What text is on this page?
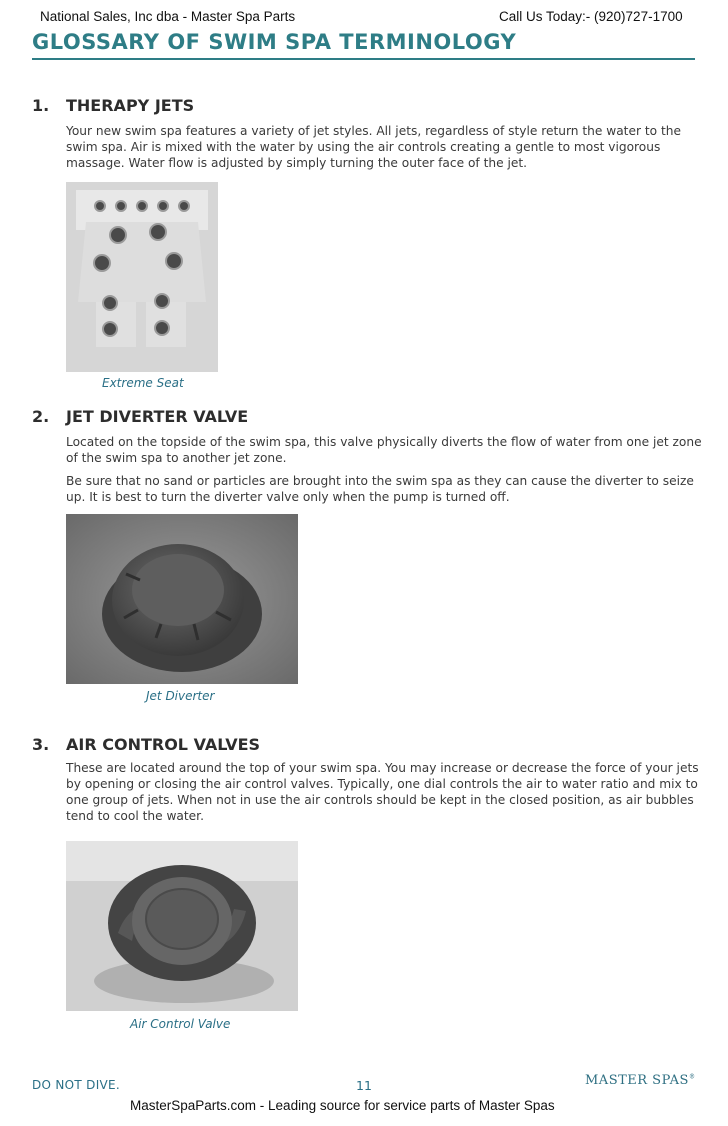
National Sales, Inc dba - Master Spa Parts	Call Us Today:- (920)727-1700
GLOSSARY OF SWIM SPA TERMINOLOGY
1. THERAPY JETS
Your new swim spa features a variety of jet styles. All jets, regardless of style return the water to the swim spa. Air is mixed with the water by using the air controls creating a gentle to most vigorous massage. Water flow is adjusted by simply turning the outer face of the jet.
Extreme Seat
2. JET DIVERTER VALVE
Located on the topside of the swim spa, this valve physically diverts the flow of water from one jet zone of the swim spa to another jet zone.
Be sure that no sand or particles are brought into the swim spa as they can cause the diverter to seize up. It is best to turn the diverter valve only when the pump is turned off.
Jet Diverter
3. AIR CONTROL VALVES
These are located around the top of your swim spa. You may increase or decrease the force of your jets by opening or closing the air control valves. Typically, one dial controls the air to water ratio and mix to one group of jets. When not in use the air controls should be kept in the closed position, as air bubbles tend to cool the water.
Air Control Valve
DO NOT DIVE.	11	MASTER SPAS®
MasterSpaParts.com - Leading source for service parts of Master Spas
